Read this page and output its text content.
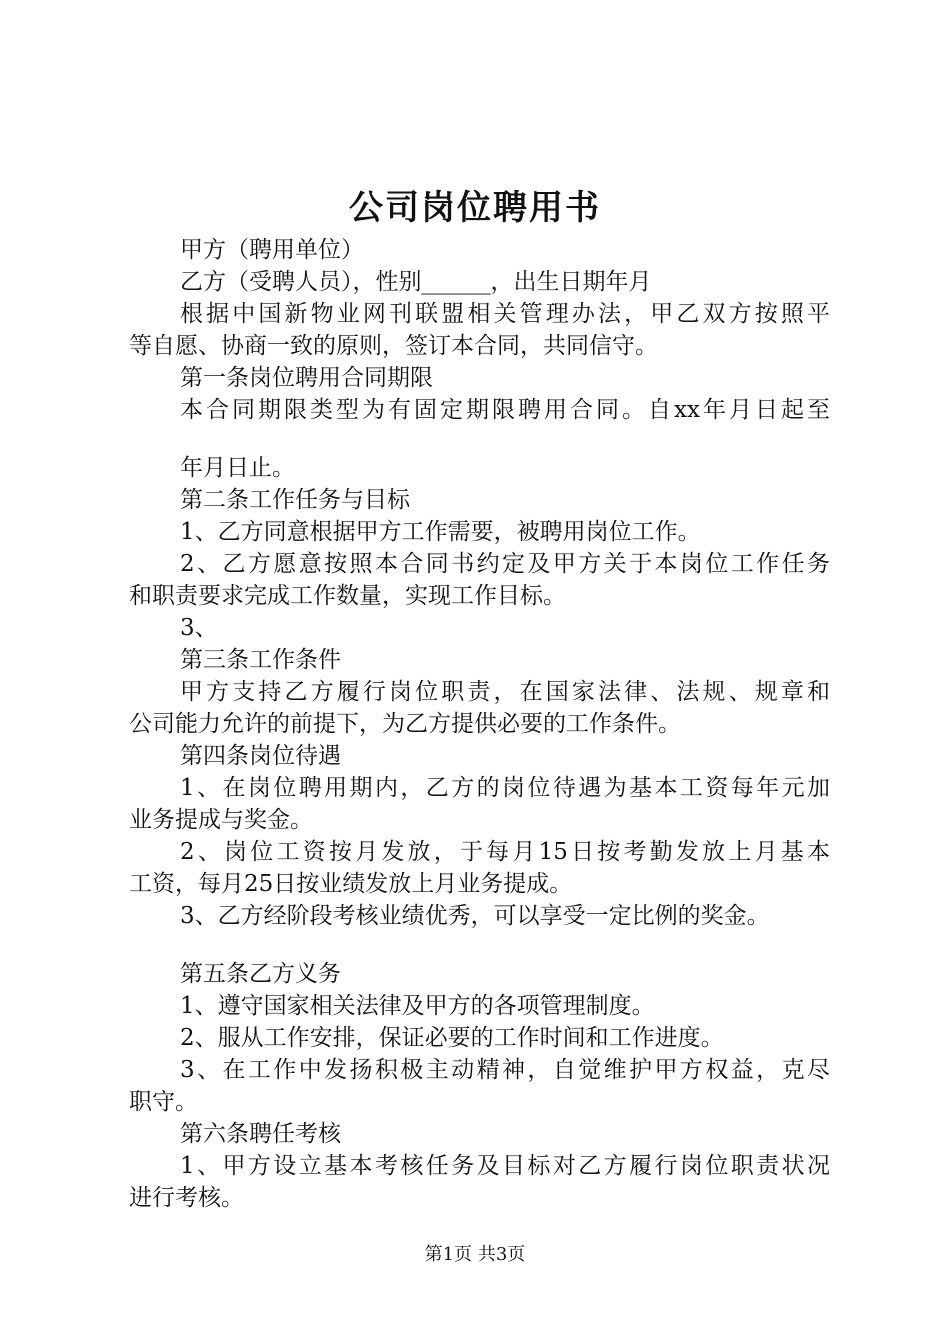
公司岗位聘用书
甲方（聘用单位）
乙方（受聘人员），性别______，出生日期年月
根据中国新物业网刊联盟相关管理办法，甲乙双方按照平
等自愿、协商一致的原则，签订本合同，共同信守。
第一条岗位聘用合同期限
本合同期限类型为有固定期限聘用合同。自xx年月日起至
年月日止。
第二条工作任务与目标
1、乙方同意根据甲方工作需要，被聘用岗位工作。
2、乙方愿意按照本合同书约定及甲方关于本岗位工作任务
和职责要求完成工作数量，实现工作目标。
3、
第三条工作条件
甲方支持乙方履行岗位职责，在国家法律、法规、规章和
公司能力允许的前提下，为乙方提供必要的工作条件。
第四条岗位待遇
1、在岗位聘用期内，乙方的岗位待遇为基本工资每年元加
业务提成与奖金。
2、岗位工资按月发放，于每月15日按考勤发放上月基本
工资，每月25日按业绩发放上月业务提成。
3、乙方经阶段考核业绩优秀，可以享受一定比例的奖金。
第五条乙方义务
1、遵守国家相关法律及甲方的各项管理制度。
2、服从工作安排，保证必要的工作时间和工作进度。
3、在工作中发扬积极主动精神，自觉维护甲方权益，克尽
职守。
第六条聘任考核
1、甲方设立基本考核任务及目标对乙方履行岗位职责状况
进行考核。
第1页 共3页
